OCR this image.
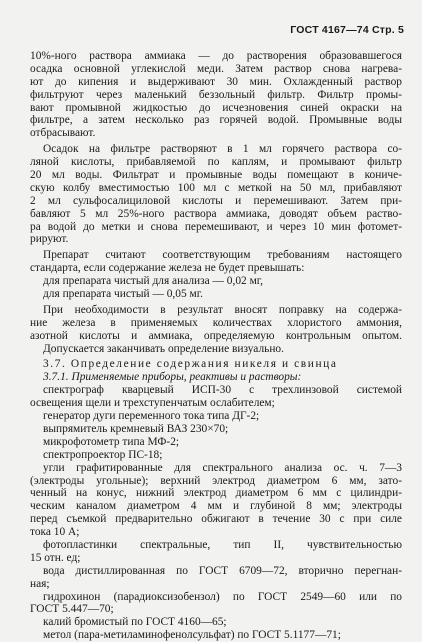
ГОСТ 4167—74 Стр. 5
10%-ного раствора аммиака — до растворения образовавшегося
осадка основной углекислой меди. Затем раствор снова нагрева-
ют до кипения и выдерживают 30 мин. Охлажденный раствор
фильтруют через маленький беззольный фильтр. Фильтр промы-
вают промывной жидкостью до исчезновения синей окраски на
фильтре, а затем несколько раз горячей водой. Промывные воды
отбрасывают.
Осадок на фильтре растворяют в 1 мл горячего раствора со-
ляной кислоты, прибавляемой по каплям, и промывают фильтр
20 мл воды. Фильтрат и промывные воды помещают в кониче-
скую колбу вместимостью 100 мл с меткой на 50 мл, прибавляют
2 мл сульфосалициловой кислоты и перемешивают. Затем при-
бавляют 5 мл 25%-ного раствора аммиака, доводят объем раство-
ра водой до метки и снова перемешивают, и через 10 мин фотомет-
рируют.
Препарат считают соответствующим требованиям настоящего
стандарта, если содержание железа не будет превышать:
для препарата чистый для анализа — 0,02 мг,
для препарата чистый — 0,05 мг.
При необходимости в результат вносят поправку на содержа-
ние железа в применяемых количествах хлористого аммония,
азотной кислоты и аммиака, определяемую контрольным опытом.
Допускается заканчивать определение визуально.
3.7. Определение содержания никеля и свинца
3.7.1. Применяемые приборы, реактивы и растворы:
спектрограф кварцевый ИСП-30 с трехлинзовой системой
освещения щели и трехступенчатым ослабителем;
генератор дуги переменного тока типа ДГ-2;
выпрямитель кремневый ВАЗ 230×70;
микрофотометр типа МФ-2;
спектропроектор ПС-18;
угли графитированные для спектрального анализа ос. ч. 7—3
(электроды угольные); верхний электрод диаметром 6 мм, зато-
ченный на конус, нижний электрод диаметром 6 мм с цилиндри-
ческим каналом диаметром 4 мм и глубиной 8 мм; электроды
перед съемкой предварительно обжигают в течение 30 с при силе
тока 10 А;
фотопластинки спектральные, тип II, чувствительностью
15 отн. ед;
вода дистиллированная по ГОСТ 6709—72, вторично перегнан-
ная;
гидрохинон (парадиоксизобензол) по ГОСТ 2549—60 или по
ГОСТ 5.447—70;
калий бромистый по ГОСТ 4160—65;
метол (пара-метиламинофенолсульфат) по ГОСТ 5.1177—71;
